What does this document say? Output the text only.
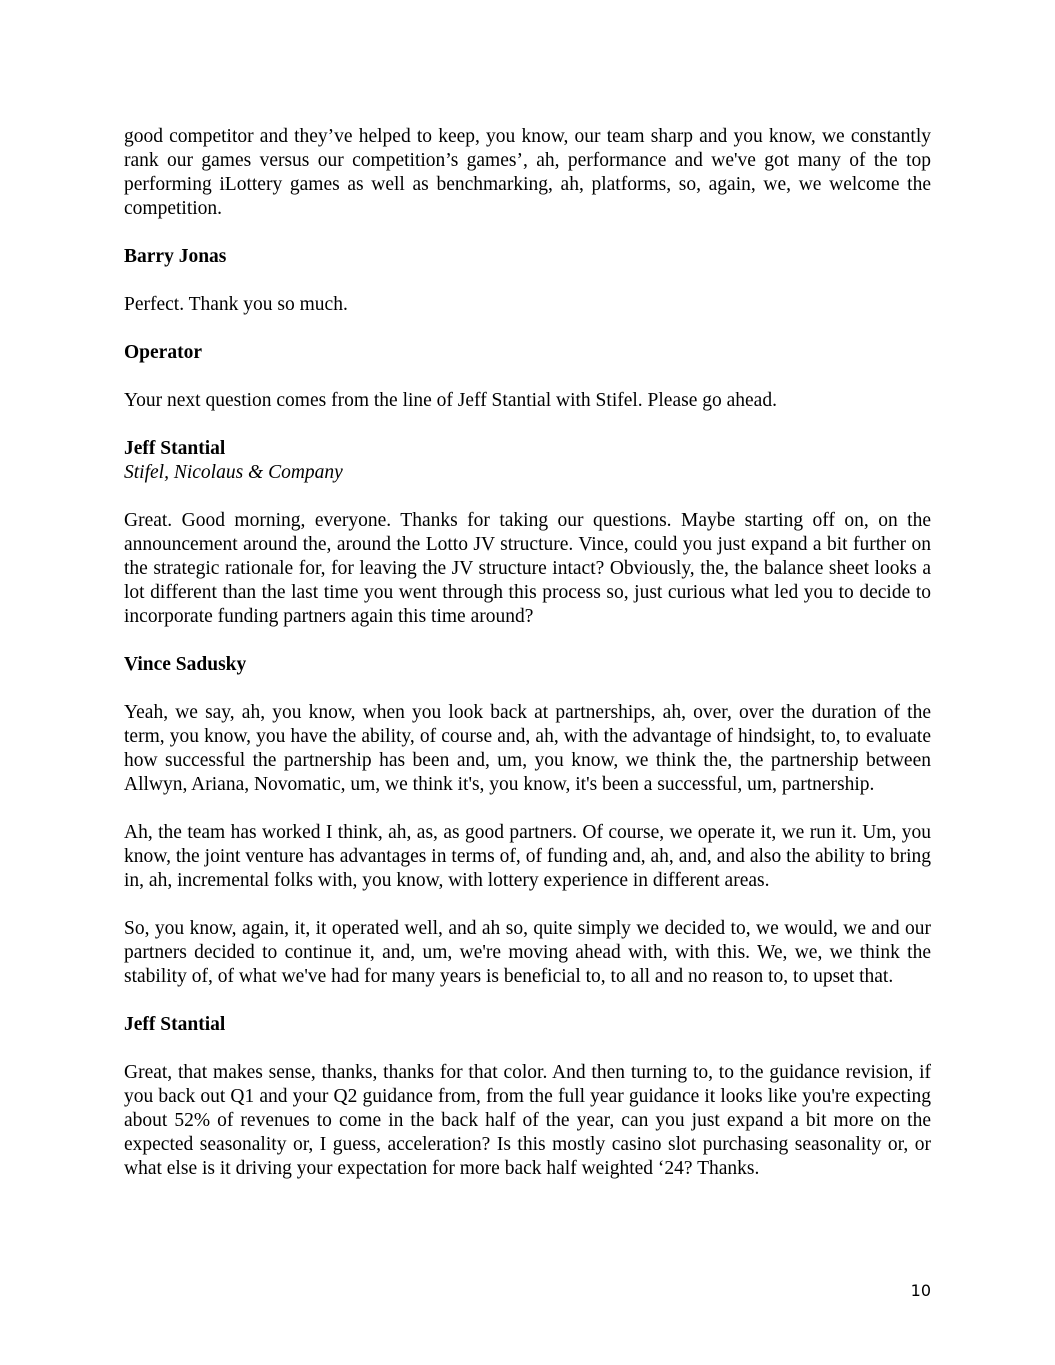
good competitor and they’ve helped to keep, you know, our team sharp and you know, we constantly rank our games versus our competition’s games’, ah, performance and we've got many of the top performing iLottery games as well as benchmarking, ah, platforms, so, again, we, we welcome the competition.

Barry Jonas

Perfect. Thank you so much.

Operator

Your next question comes from the line of Jeff Stantial with Stifel. Please go ahead.

Jeff Stantial
Stifel, Nicolaus & Company

Great. Good morning, everyone. Thanks for taking our questions. Maybe starting off on, on the announcement around the, around the Lotto JV structure. Vince, could you just expand a bit further on the strategic rationale for, for leaving the JV structure intact? Obviously, the, the balance sheet looks a lot different than the last time you went through this process so, just curious what led you to decide to incorporate funding partners again this time around?

Vince Sadusky

Yeah, we say, ah, you know, when you look back at partnerships, ah, over, over the duration of the term, you know, you have the ability, of course and, ah, with the advantage of hindsight, to, to evaluate how successful the partnership has been and, um, you know, we think the, the partnership between Allwyn, Ariana, Novomatic, um, we think it's, you know, it's been a successful, um, partnership.

Ah, the team has worked I think, ah, as, as good partners. Of course, we operate it, we run it. Um, you know, the joint venture has advantages in terms of, of funding and, ah, and, and also the ability to bring in, ah, incremental folks with, you know, with lottery experience in different areas.

So, you know, again, it, it operated well, and ah so, quite simply we decided to, we would, we and our partners decided to continue it, and, um, we're moving ahead with, with this. We, we, we think the stability of, of what we've had for many years is beneficial to, to all and no reason to, to upset that.

Jeff Stantial

Great, that makes sense, thanks, thanks for that color. And then turning to, to the guidance revision, if you back out Q1 and your Q2 guidance from, from the full year guidance it looks like you're expecting about 52% of revenues to come in the back half of the year, can you just expand a bit more on the expected seasonality or, I guess, acceleration? Is this mostly casino slot purchasing seasonality or, or what else is it driving your expectation for more back half weighted ‘24? Thanks.

10
